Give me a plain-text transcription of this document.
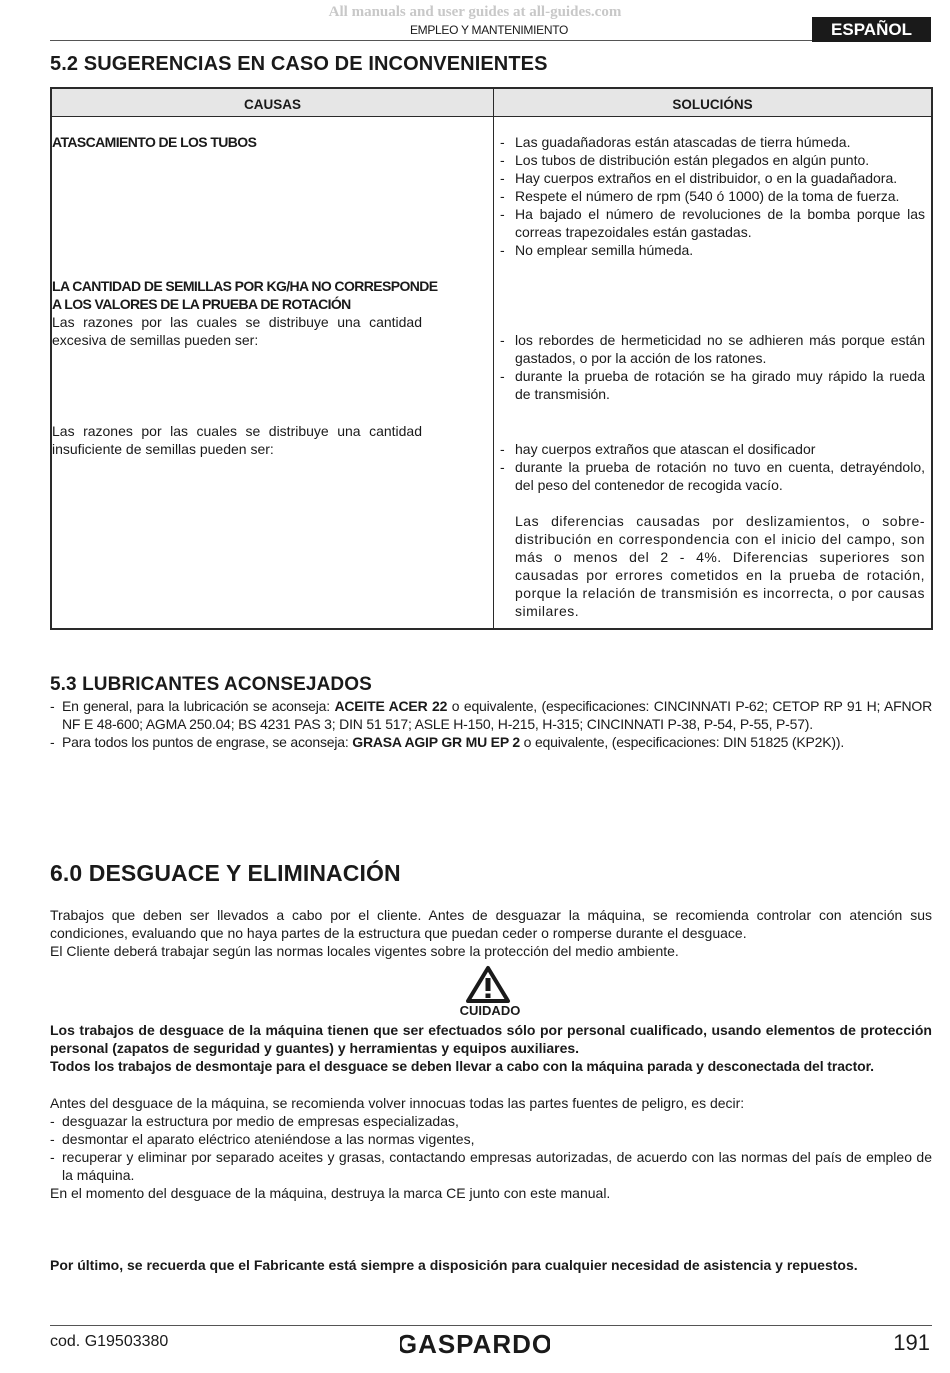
All manuals and user guides at all-guides.com
EMPLEO Y MANTENIMIENTO	ESPAÑOL
5.2 SUGERENCIAS EN CASO DE INCONVENIENTES
CAUSAS	SOLUCIÓNS
ATASCAMIENTO DE LOS TUBOS	- Las guadañadoras están atascadas de tierra húmeda.
- Los tubos de distribución están plegados en algún punto.
- Hay cuerpos extraños en el distribuidor, o en la guadañadora.
- Respete el número de rpm (540 ó 1000) de la toma de fuerza.
- Ha bajado el número de revoluciones de la bomba porque las correas trapezoidales están gastadas.
- No emplear semilla húmeda.
LA CANTIDAD DE SEMILLAS POR KG/HA NO CORRESPONDE
A LOS VALORES DE LA PRUEBA DE ROTACIÓN
Las razones por las cuales se distribuye una cantidad excesiva de semillas pueden ser:	- los rebordes de hermeticidad no se adhieren más porque están gastados, o por la acción de los ratones.
- durante la prueba de rotación se ha girado muy rápido la rueda de transmisión.
Las razones por las cuales se distribuye una cantidad insuficiente de semillas pueden ser:	- hay cuerpos extraños que atascan el dosificador
- durante la prueba de rotación no tuvo en cuenta, detrayéndolo, del peso del contenedor de recogida vacío.

Las diferencias causadas por deslizamientos, o sobre-distribución en correspondencia con el inicio del campo, son más o menos del 2 - 4%. Diferencias superiores son causadas por errores cometidos en la prueba de rotación, porque la relación de transmisión es incorrecta, o por causas similares.

5.3 LUBRICANTES ACONSEJADOS
- En general, para la lubricación se aconseja: ACEITE ACER 22 o equivalente, (especificaciones: CINCINNATI P-62; CETOP RP 91 H; AFNOR NF E 48-600; AGMA 250.04; BS 4231 PAS 3; DIN 51 517; ASLE H-150, H-215, H-315; CINCINNATI P-38, P-54, P-55, P-57).
- Para todos los puntos de engrase, se aconseja: GRASA AGIP GR MU EP 2 o equivalente, (especificaciones: DIN 51825 (KP2K)).
6.0 DESGUACE Y ELIMINACIÓN
Trabajos que deben ser llevados a cabo por el cliente. Antes de desguazar la máquina, se recomienda controlar con atención sus condiciones, evaluando que no haya partes de la estructura que puedan ceder o romperse durante el desguace.
El Cliente deberá trabajar según las normas locales vigentes sobre la protección del medio ambiente.
CUIDADO
Los trabajos de desguace de la máquina tienen que ser efectuados sólo por personal cualificado, usando elementos de protección personal (zapatos de seguridad y guantes) y herramientas y equipos auxiliares.
Todos los trabajos de desmontaje para el desguace se deben llevar a cabo con la máquina parada y desconectada del tractor.
Antes del desguace de la máquina, se recomienda volver innocuas todas las partes fuentes de peligro, es decir:
- desguazar la estructura por medio de empresas especializadas,
- desmontar el aparato eléctrico ateniéndose a las normas vigentes,
- recuperar y eliminar por separado aceites y grasas, contactando empresas autorizadas, de acuerdo con las normas del país de empleo de la máquina.
En el momento del desguace de la máquina, destruya la marca CE junto con este manual.
Por último, se recuerda que el Fabricante está siempre a disposición para cualquier necesidad de asistencia y repuestos.
cod. G19503380	GASPARDO	191
